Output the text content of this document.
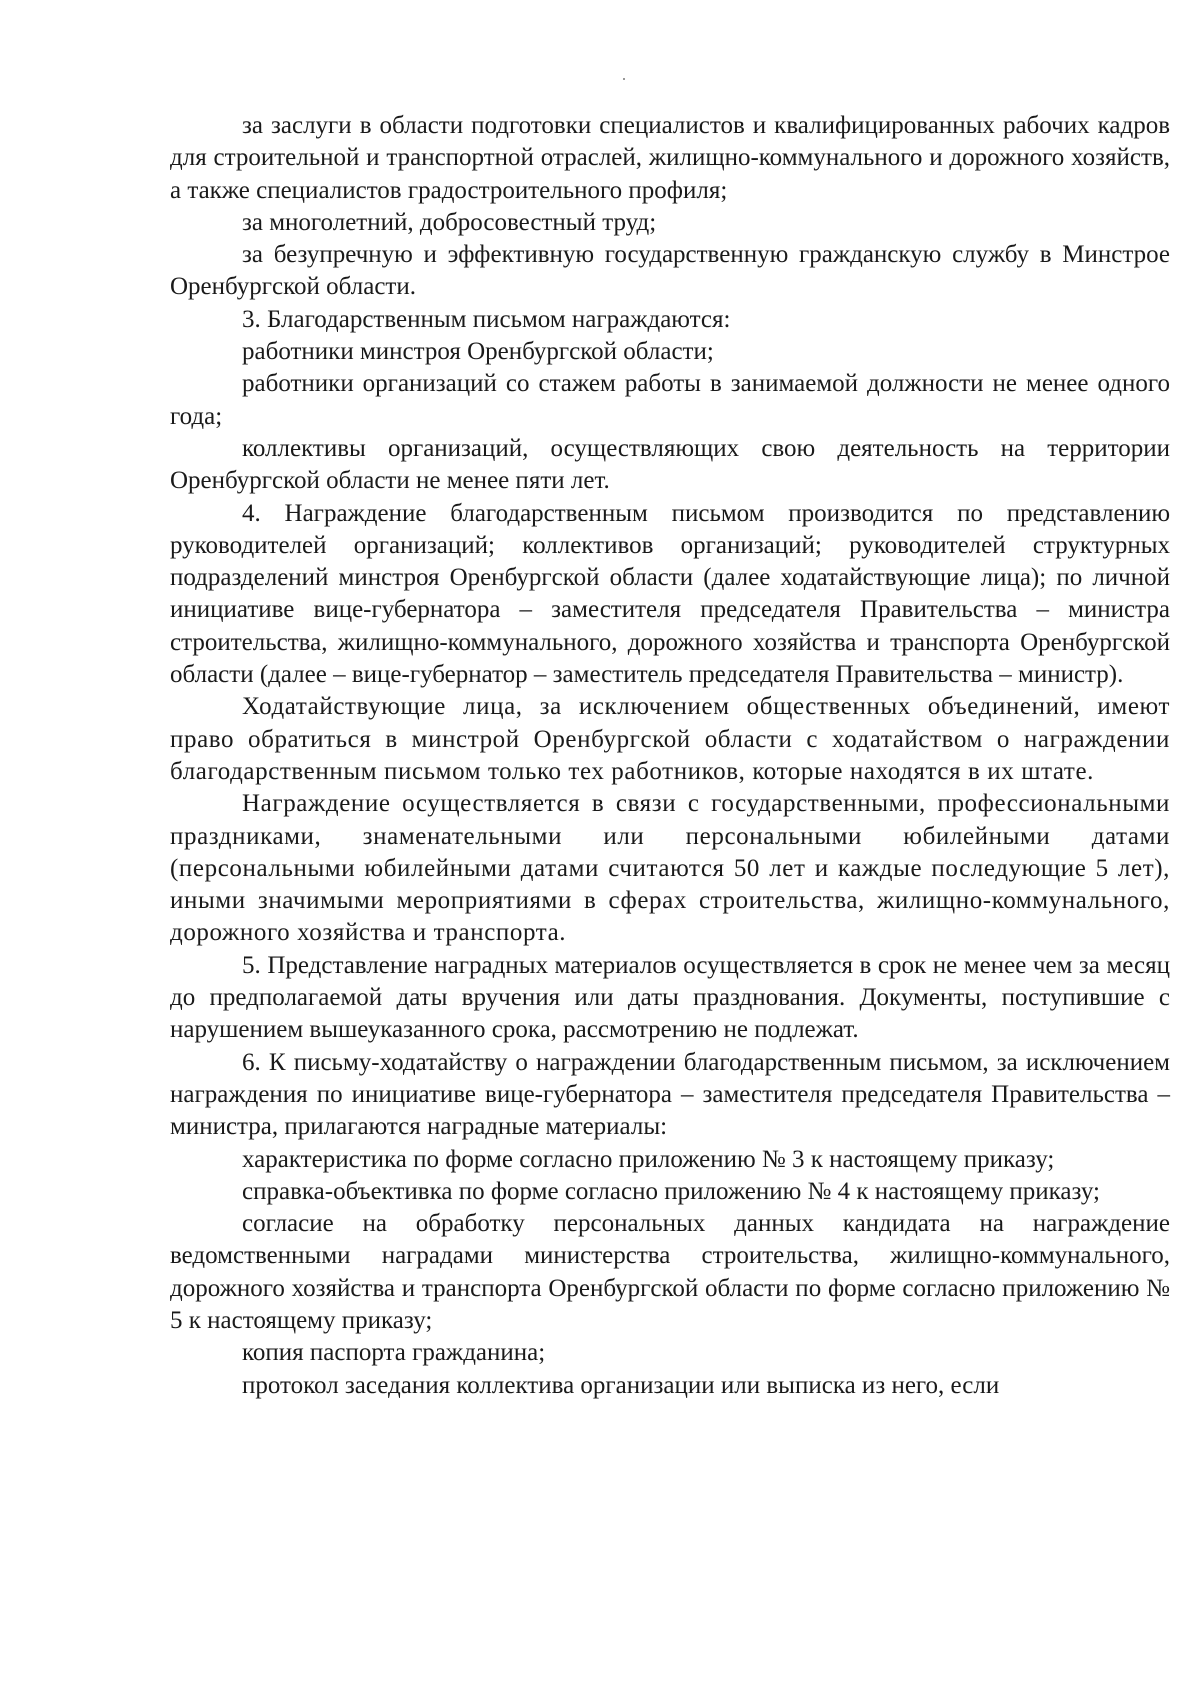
за заслуги в области подготовки специалистов и квалифицированных рабочих кадров для строительной и транспортной отраслей, жилищно-коммунального и дорожного хозяйств, а также специалистов градостроительного профиля;

за многолетний, добросовестный труд;

за безупречную и эффективную государственную гражданскую службу в Минстрое Оренбургской области.

3. Благодарственным письмом награждаются:

работники минстроя Оренбургской области;

работники организаций со стажем работы в занимаемой должности не менее одного года;

коллективы организаций, осуществляющих свою деятельность на территории Оренбургской области не менее пяти лет.

4. Награждение благодарственным письмом производится по представлению руководителей организаций; коллективов организаций; руководителей структурных подразделений минстроя Оренбургской области (далее ходатайствующие лица); по личной инициативе вице-губернатора – заместителя председателя Правительства – министра строительства, жилищно-коммунального, дорожного хозяйства и транспорта Оренбургской области (далее – вице-губернатор – заместитель председателя Правительства – министр).

Ходатайствующие лица, за исключением общественных объединений, имеют право обратиться в минстрой Оренбургской области с ходатайством о награждении благодарственным письмом только тех работников, которые находятся в их штате.

Награждение осуществляется в связи с государственными, профессиональными праздниками, знаменательными или персональными юбилейными датами (персональными юбилейными датами считаются 50 лет и каждые последующие 5 лет), иными значимыми мероприятиями в сферах строительства, жилищно-коммунального, дорожного хозяйства и транспорта.

5. Представление наградных материалов осуществляется в срок не менее чем за месяц до предполагаемой даты вручения или даты празднования. Документы, поступившие с нарушением вышеуказанного срока, рассмотрению не подлежат.

6. К письму-ходатайству о награждении благодарственным письмом, за исключением награждения по инициативе вице-губернатора – заместителя председателя Правительства – министра, прилагаются наградные материалы:

характеристика по форме согласно приложению № 3 к настоящему приказу;

справка-объективка по форме согласно приложению № 4 к настоящему приказу;

согласие на обработку персональных данных кандидата на награждение ведомственными наградами министерства строительства, жилищно-коммунального, дорожного хозяйства и транспорта Оренбургской области по форме согласно приложению № 5 к настоящему приказу;

копия паспорта гражданина;

протокол заседания коллектива организации или выписка из него, если
